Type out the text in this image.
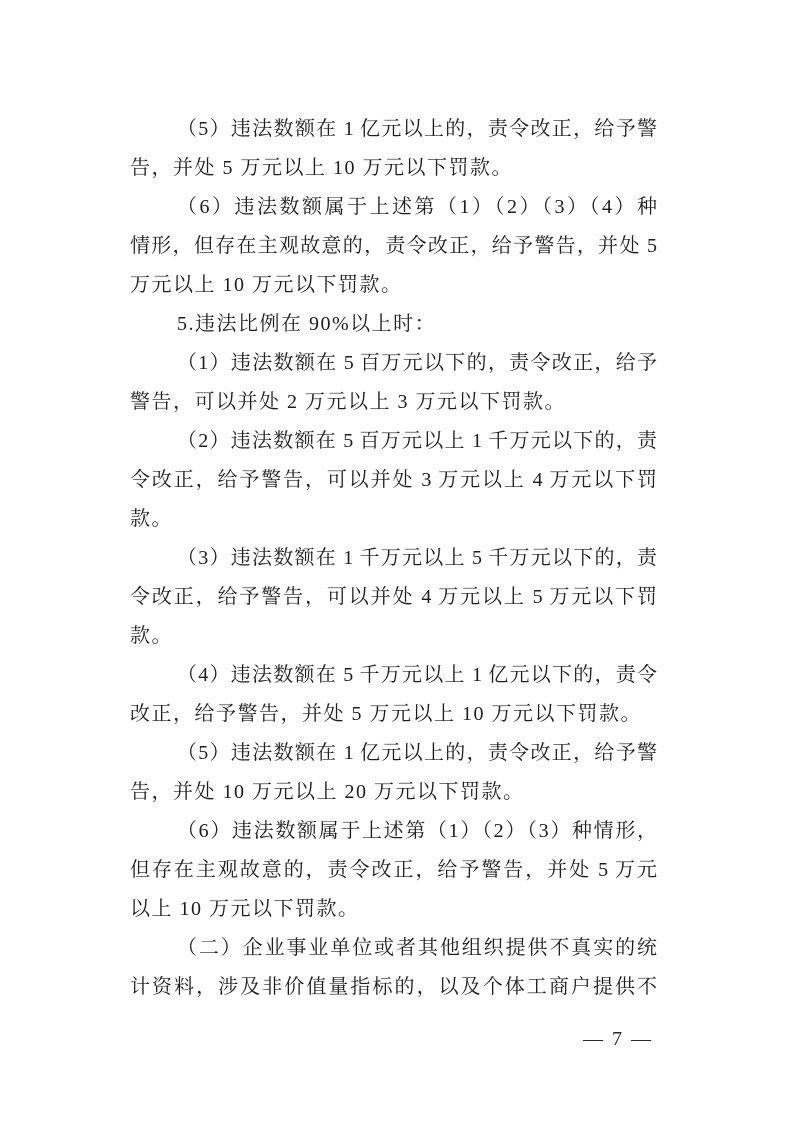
（5）违法数额在 1 亿元以上的，责令改正，给予警
告，并处 5 万元以上 10 万元以下罚款。
（6）违法数额属于上述第（1）（2）（3）（4）种
情形，但存在主观故意的，责令改正，给予警告，并处 5
万元以上 10 万元以下罚款。
5.违法比例在 90%以上时：
（1）违法数额在 5 百万元以下的，责令改正，给予
警告，可以并处 2 万元以上 3 万元以下罚款。
（2）违法数额在 5 百万元以上 1 千万元以下的，责
令改正，给予警告，可以并处 3 万元以上 4 万元以下罚
款。
（3）违法数额在 1 千万元以上 5 千万元以下的，责
令改正，给予警告，可以并处 4 万元以上 5 万元以下罚
款。
（4）违法数额在 5 千万元以上 1 亿元以下的，责令
改正，给予警告，并处 5 万元以上 10 万元以下罚款。
（5）违法数额在 1 亿元以上的，责令改正，给予警
告，并处 10 万元以上 20 万元以下罚款。
（6）违法数额属于上述第（1）（2）（3）种情形，
但存在主观故意的，责令改正，给予警告，并处 5 万元
以上 10 万元以下罚款。
（二）企业事业单位或者其他组织提供不真实的统
计资料，涉及非价值量指标的，以及个体工商户提供不
— 7 —
